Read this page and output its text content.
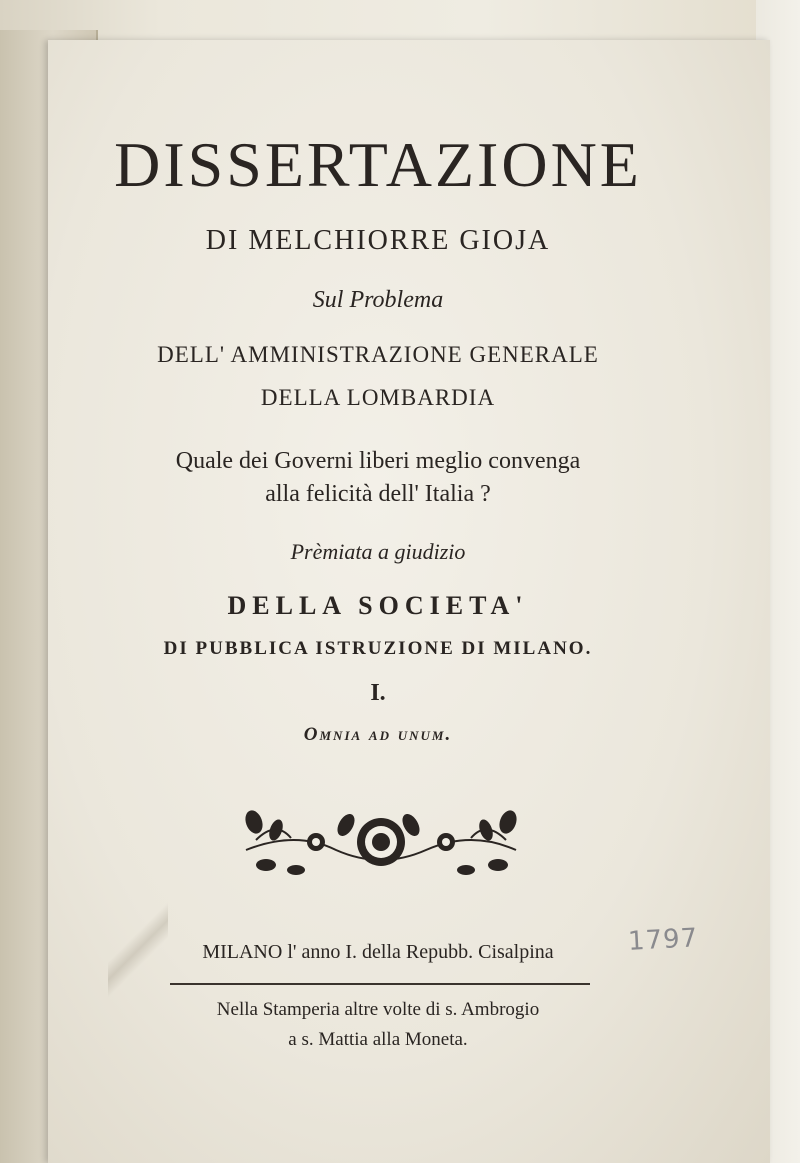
DISSERTAZIONE
DI MELCHIORRE GIOJA
Sul Problema
DELL' AMMINISTRAZIONE GENERALE
DELLA LOMBARDIA
Quale dei Governi liberi meglio convenga
alla felicità dell' Italia ?
Prèmiata a giudizio
DELLA SOCIETA'
DI PUBBLICA ISTRUZIONE DI MILANO.
I.
Omnia ad unum.
MILANO l' anno I. della Repubb. Cisalpina
Nella Stamperia altre volte di s. Ambrogio
a s. Mattia alla Moneta.
1797
